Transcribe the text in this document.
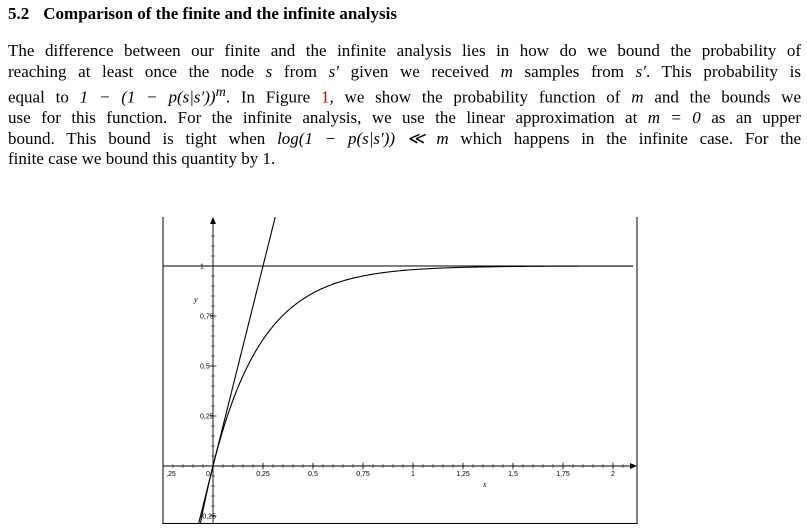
5.2 Comparison of the finite and the infinite analysis
The difference between our finite and the infinite analysis lies in how do we bound the probability of
reaching at least once the node s from s′ given we received m samples from s′. This probability is
equal to $1 - (1 - p(s|s'))^m$. In Figure 1, we show the probability function of m and the bounds we
use for this function. For the infinite analysis, we use the linear approximation at m = 0 as an upper
bound. This bound is tight when log(1 − p(s|s′)) ≪ m which happens in the infinite case. For the
finite case we bound this quantity by 1.
,25	0,25	0,5	0,75	1	1,25	1,5	1,75	2
0,25
0,5
0,75
1
-0,25
x
y
0
